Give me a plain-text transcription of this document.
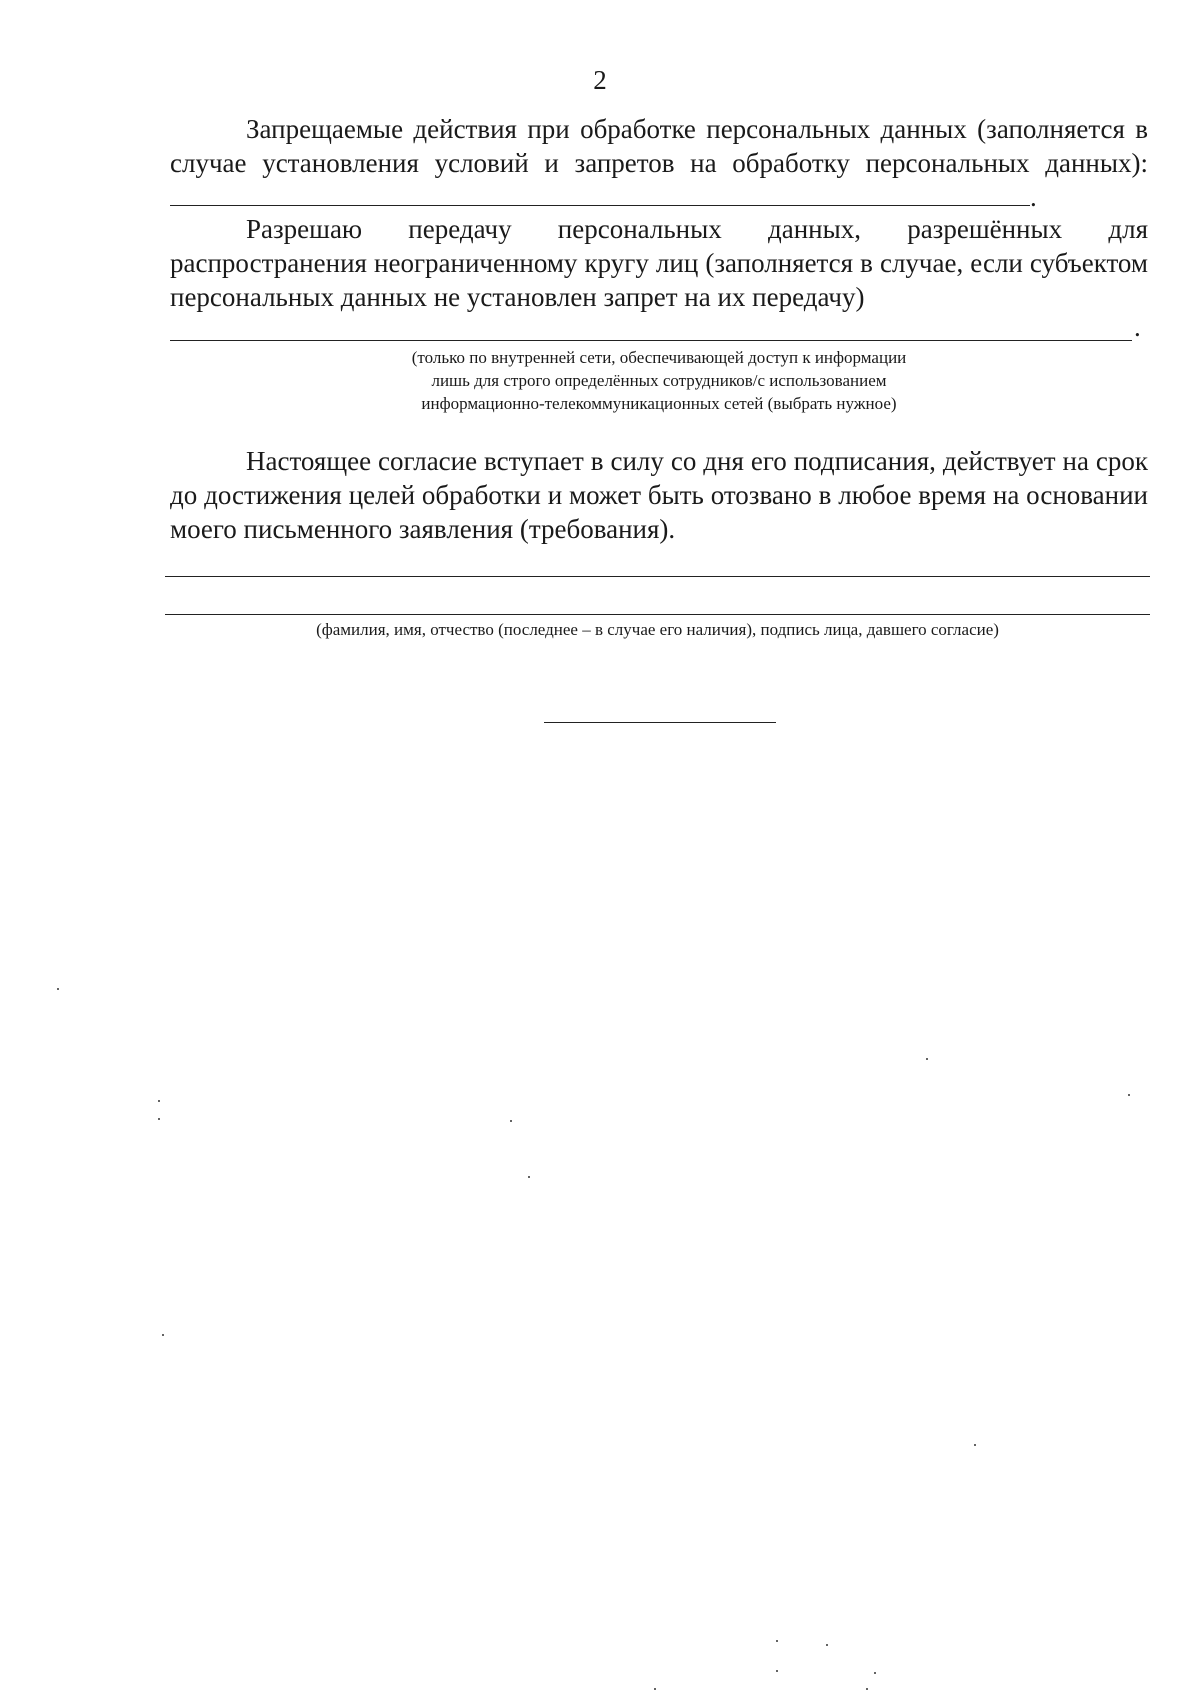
2
Запрещаемые действия при обработке персональных данных (заполняется в случае установления условий и запретов на обработку персональных данных):.
Разрешаю передачу персональных данных, разрешённых для распространения неограниченному кругу лиц (заполняется в случае, если субъектом персональных данных не установлен запрет на их передачу)
.
(только по внутренней сети, обеспечивающей доступ к информации
лишь для строго определённых сотрудников/с использованием
информационно-телекоммуникационных сетей (выбрать нужное)
Настоящее согласие вступает в силу со дня его подписания, действует на срок до достижения целей обработки и может быть отозвано в любое время на основании моего письменного заявления (требования).
(фамилия, имя, отчество (последнее – в случае его наличия), подпись лица, давшего согласие)
